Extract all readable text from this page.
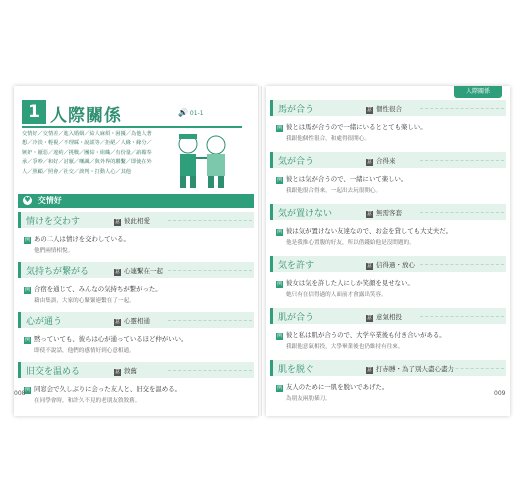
1 人際關係	🔊 01-1
交情好／交情差／進入婚姻／給人麻煩・困擾／為他人著想／冷淡・輕視／不理睬・說謊等／拒絕／人緣・緣分／嫉妒・厭惡／違約／挑戰／團結・組織／有份量／諂媚奉承／爭吵／和好／討厭／嘲諷／與外界的聯繫／即使在外人／照顧／照會／社交／談判・打動人心／其他
♥ 交情好
情けを交わす	意 彼此相愛
例 あの二人は情けを交わしている。
他們兩情相悅。
気持ちが繋がる	意 心連繫在一起
例 合宿を通じて、みんなの気持ちが繋がった。
藉由集訓，大家的心緊緊連繫在了一起。
心が通う	意 心靈相通
例 黙っていても、彼らは心が通っているほど仲がいい。
即使不說話，他們的感情好到心意相通。
旧交を温める	意 敘舊
例 同窓会で久しぶりに会った友人と、旧交を温める。
在同學會時，和許久不見的老朋友敘敘舊。
馬が合う	意 個性很合
例 彼とは馬が合うので一緒にいるととても楽しい。
我跟他個性很合，和處得很開心。
気が合う	意 合得來
例 彼とは気が合うので、一緒にいて楽しい。
我跟他很合得來，一起出去玩很開心。
気が置けない	意 無需客套
例 彼は気が置けない友達なので、お金を貸しても大丈夫だ。
他是我推心置腹的好友，所以借錢給他是沒問題的。
気を許す	意 信得過・放心
例 彼女は気を許した人にしか笑顔を見せない。
她只有在信得過的人面前才會露出笑容。
肌が合う	意 意氣相投
例 彼と私は肌が合うので、大学卒業後も付き合いがある。
我跟他意氣相投，大學畢業後也仍維持有往來。
肌を脱ぐ	意 打赤膊・為了別人盡心盡力
例 友人のために一肌を脱いであげた。
為朋友兩肋插刀。
人際關係
008	009
